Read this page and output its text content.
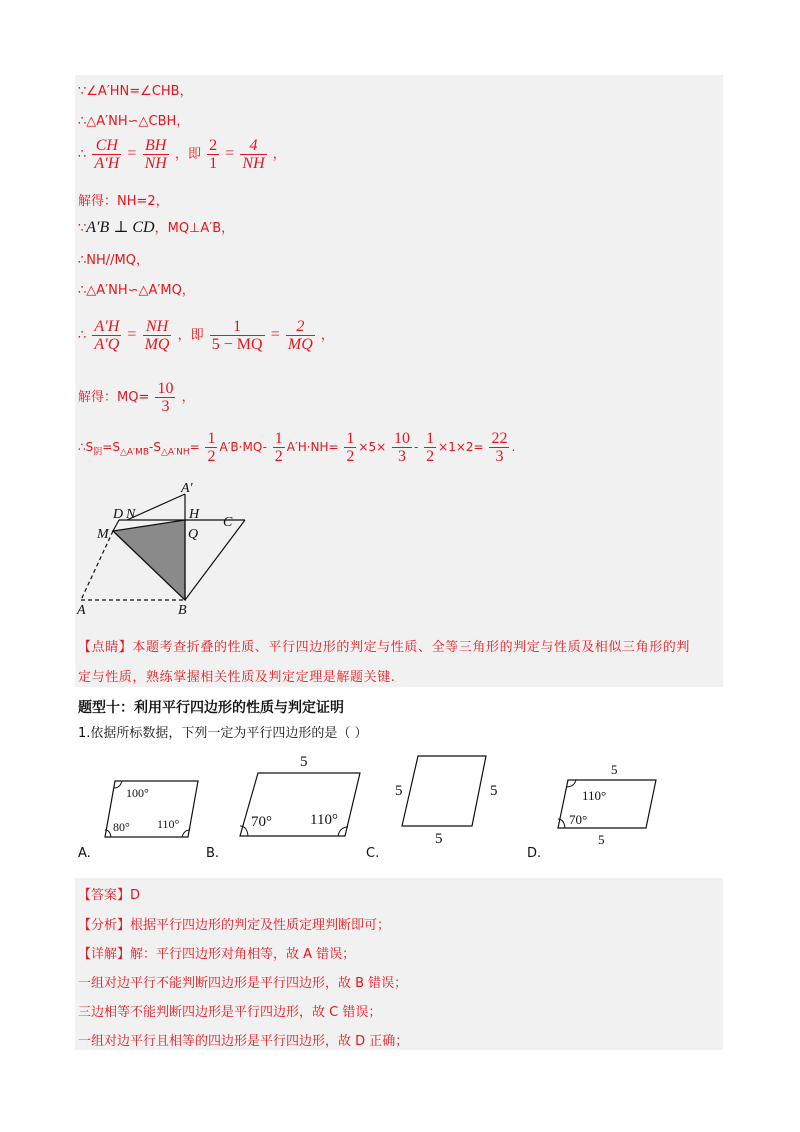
∵∠A′HN=∠CHB，
∴△A′NH∽△CBH，
∴ $\frac{CH}{A'H} = \frac{BH}{NH}$ ，即 $\frac{2}{1} = \frac{4}{NH}$ ，
解得：NH=2，
∵A′B ⊥ CD，MQ⊥A′B，
∴NH//MQ，
∴△A′NH∽△A′MQ，
∴ $\frac{A'H}{A'Q} = \frac{NH}{MQ}$ ，即 $\frac{1}{5 - MQ} = \frac{2}{MQ}$ ，
解得：$MQ= \frac{10}{3}$ ，
$\therefore S_阴=S_{\triangle A'MB}-S_{\triangle A'NH}= \frac{1}{2} A'B\cdot MQ- \frac{1}{2} A'H\cdot NH= \frac{1}{2} \times 5\times \frac{10}{3} - \frac{1}{2} \times 1\times 2= \frac{22}{3}$ .
A′
D N	H
C
M	Q
A	B
【点睛】本题考查折叠的性质、平行四边形的判定与性质、全等三角形的判定与性质及相似三角形的判
定与性质，熟练掌握相关性质及判定定理是解题关键.
题型十：利用平行四边形的性质与判定证明
1.依据所标数据，下列一定为平行四边形的是（ ）
100°
110°
80°
A.
5
70°	110°
B.
5	5
5
C.
5
5
110°
70°
D.
【答案】D
【分析】根据平行四边形的判定及性质定理判断即可；
【详解】解：平行四边形对角相等，故 A 错误；
一组对边平行不能判断四边形是平行四边形，故 B 错误；
三边相等不能判断四边形是平行四边形，故 C 错误；
一组对边平行且相等的四边形是平行四边形，故 D 正确；
